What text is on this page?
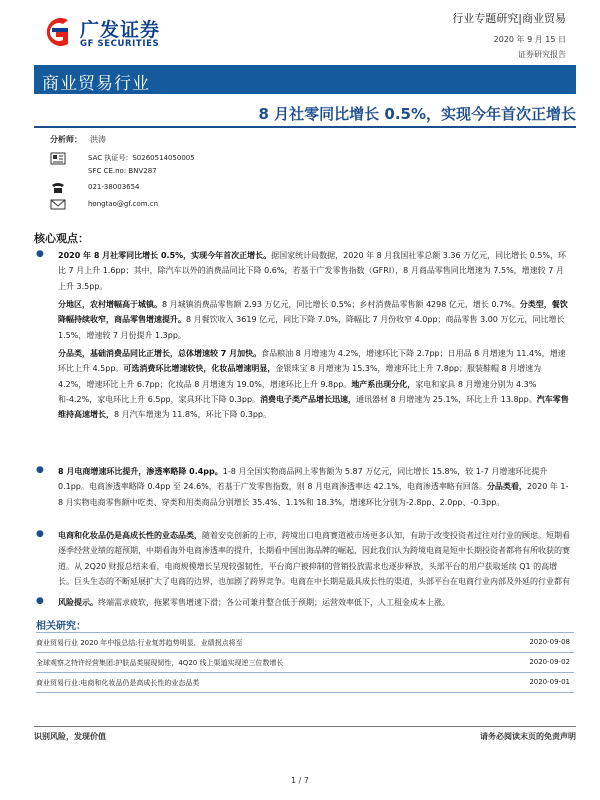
广发证券
GF SECURITIES
行业专题研究|商业贸易
2020 年 9 月 15 日
证券研究报告
商业贸易行业
8 月社零同比增长 0.5%，实现今年首次正增长
分析师： 洪涛
SAC 执证号：S0260514050005
SFC CE.no: BNV287
021-38003654
hongtao@gf.com.cn
核心观点：
● 2020 年 8 月社零同比增长 0.5%，实现今年首次正增长。据国家统计局数据，2020 年 8 月我国社零总额 3.36 万亿元，同比增长 0.5%，环比 7 月上升 1.6pp；其中，除汽车以外的消费品同比下降 0.6%，若基于广发零售指数（GFRI），8 月商品零售同比增速为 7.5%，增速较 7 月上升 3.5pp。
分地区，农村增幅高于城镇。8 月城镇消费品零售额 2.93 万亿元，同比增长 0.5%；乡村消费品零售额 4298 亿元，增长 0.7%。分类型，餐饮降幅持续收窄，商品零售增速提升。8 月餐饮收入 3619 亿元，同比下降 7.0%，降幅比 7 月份收窄 4.0pp；商品零售 3.00 万亿元，同比增长 1.5%，增速较 7 月份提升 1.3pp。
分品类，基础消费品同比正增长，总体增速较 7 月加快。食品粮油 8 月增速为 4.2%，增速环比下降 2.7pp；日用品 8 月增速为 11.4%，增速环比上升 4.5pp。可选消费环比增速较快，化妆品增速明显，金银珠宝 8 月增速为 15.3%，增速环比上升 7.8pp；服装鞋帽 8 月增速为 4.2%，增速环比上升 6.7pp；化妆品 8 月增速为 19.0%，增速环比上升 9.8pp。地产系出现分化，家电和家具 8 月增速分别为 4.3%和-4.2%，家电环比上升 6.5pp，家具环比下降 0.3pp。消费电子类产品增长迅速，通讯器材 8 月增速为 25.1%，环比上升 13.8pp。汽车零售维持高速增长，8 月汽车增速为 11.8%，环比下降 0.3pp。
● 8 月电商增速环比提升，渗透率略降 0.4pp。1-8 月全国实物商品网上零售额为 5.87 万亿元，同比增长 15.8%，较 1-7 月增速环比提升 0.1pp。电商渗透率略降 0.4pp 至 24.6%，若基于广发零售指数，则 8 月电商渗透率达 42.1%，电商渗透率略有回落。分品类看，2020 年 1-8 月实物电商零售额中吃类、穿类和用类商品分别增长 35.4%、1.1%和 18.3%，增速环比分别为-2.8pp、2.0pp、-0.3pp。
● 电商和化妆品仍是高成长性的业态品类，随着安克创新的上市，跨境出口电商赛道被市场更多认知，有助于改变投资者过往对行业的顾虑。短期看逐季经营业绩的超预期，中期看海外电商渗透率的提升，长期看中国出海品牌的崛起，因此我们认为跨境电商是短中长期投资者都将有所收获的赛道。从 2Q20 财报总结来看，电商规模增长呈现较强韧性，平台商户被抑制的营销投放需求也逐步释放，头部平台的用户获取延续 Q1 的高增长。巨头生态的不断延展扩大了电商的边界，也加剧了跨界竞争。电商在中长期是最具成长性的渠道，头部平台在电商行业内部及外延的行业都有
● 风险提示。终端需求疲软，拖累零售增速下滑；各公司兼并整合低于预期；运营效率低下，人工租金成本上涨。
相关研究：
商业贸易行业 2020 年中报总结:行业复苏趋势明显，业绩拐点将至	2020-09-08
全球观察之特许经营集团:护肤品类展现韧性，4Q20 线上渠道实现逆三位数增长	2020-09-02
商业贸易行业:电商和化妆品仍是高成长性的业态品类	2020-09-01
识别风险，发现价值	请务必阅读末页的免责声明
1 / 7
